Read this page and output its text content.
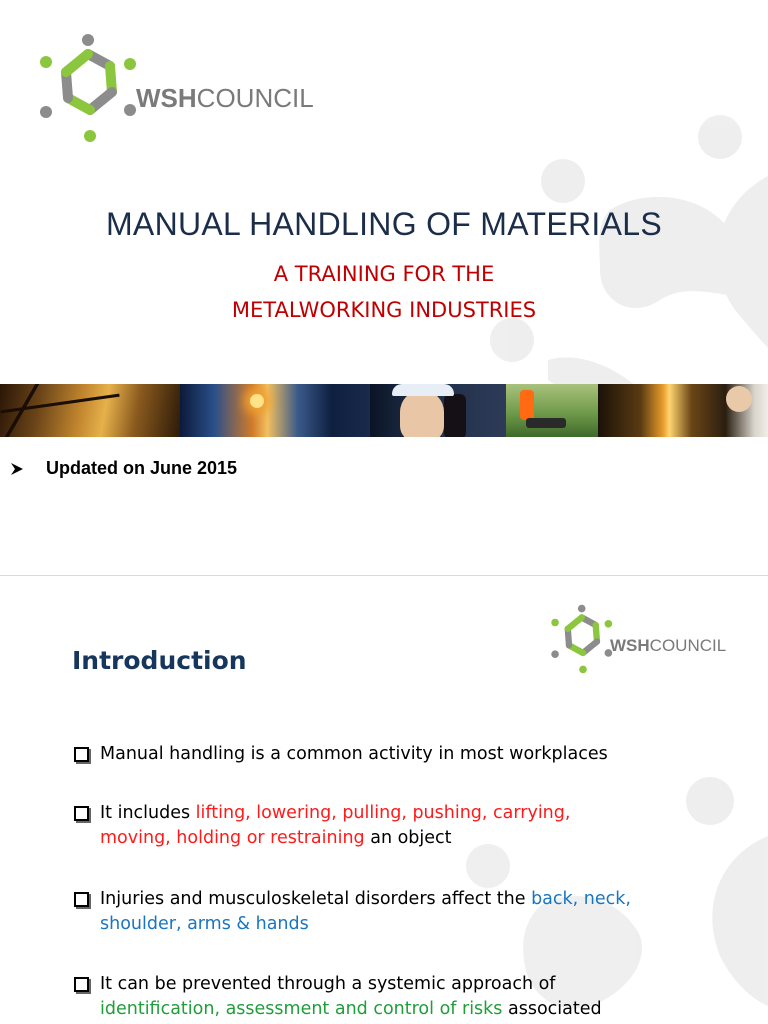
WSHCOUNCIL
MANUAL HANDLING OF MATERIALS
A TRAINING FOR THE
METALWORKING INDUSTRIES
Updated on June 2015
WSHCOUNCIL
Introduction
Manual handling is a common activity in most workplaces
It includes lifting, lowering, pulling, pushing, carrying,
moving, holding or restraining an object
Injuries and musculoskeletal disorders affect the back, neck,
shoulder, arms & hands
It can be prevented through a systemic approach of
identification, assessment and control of risks associated
